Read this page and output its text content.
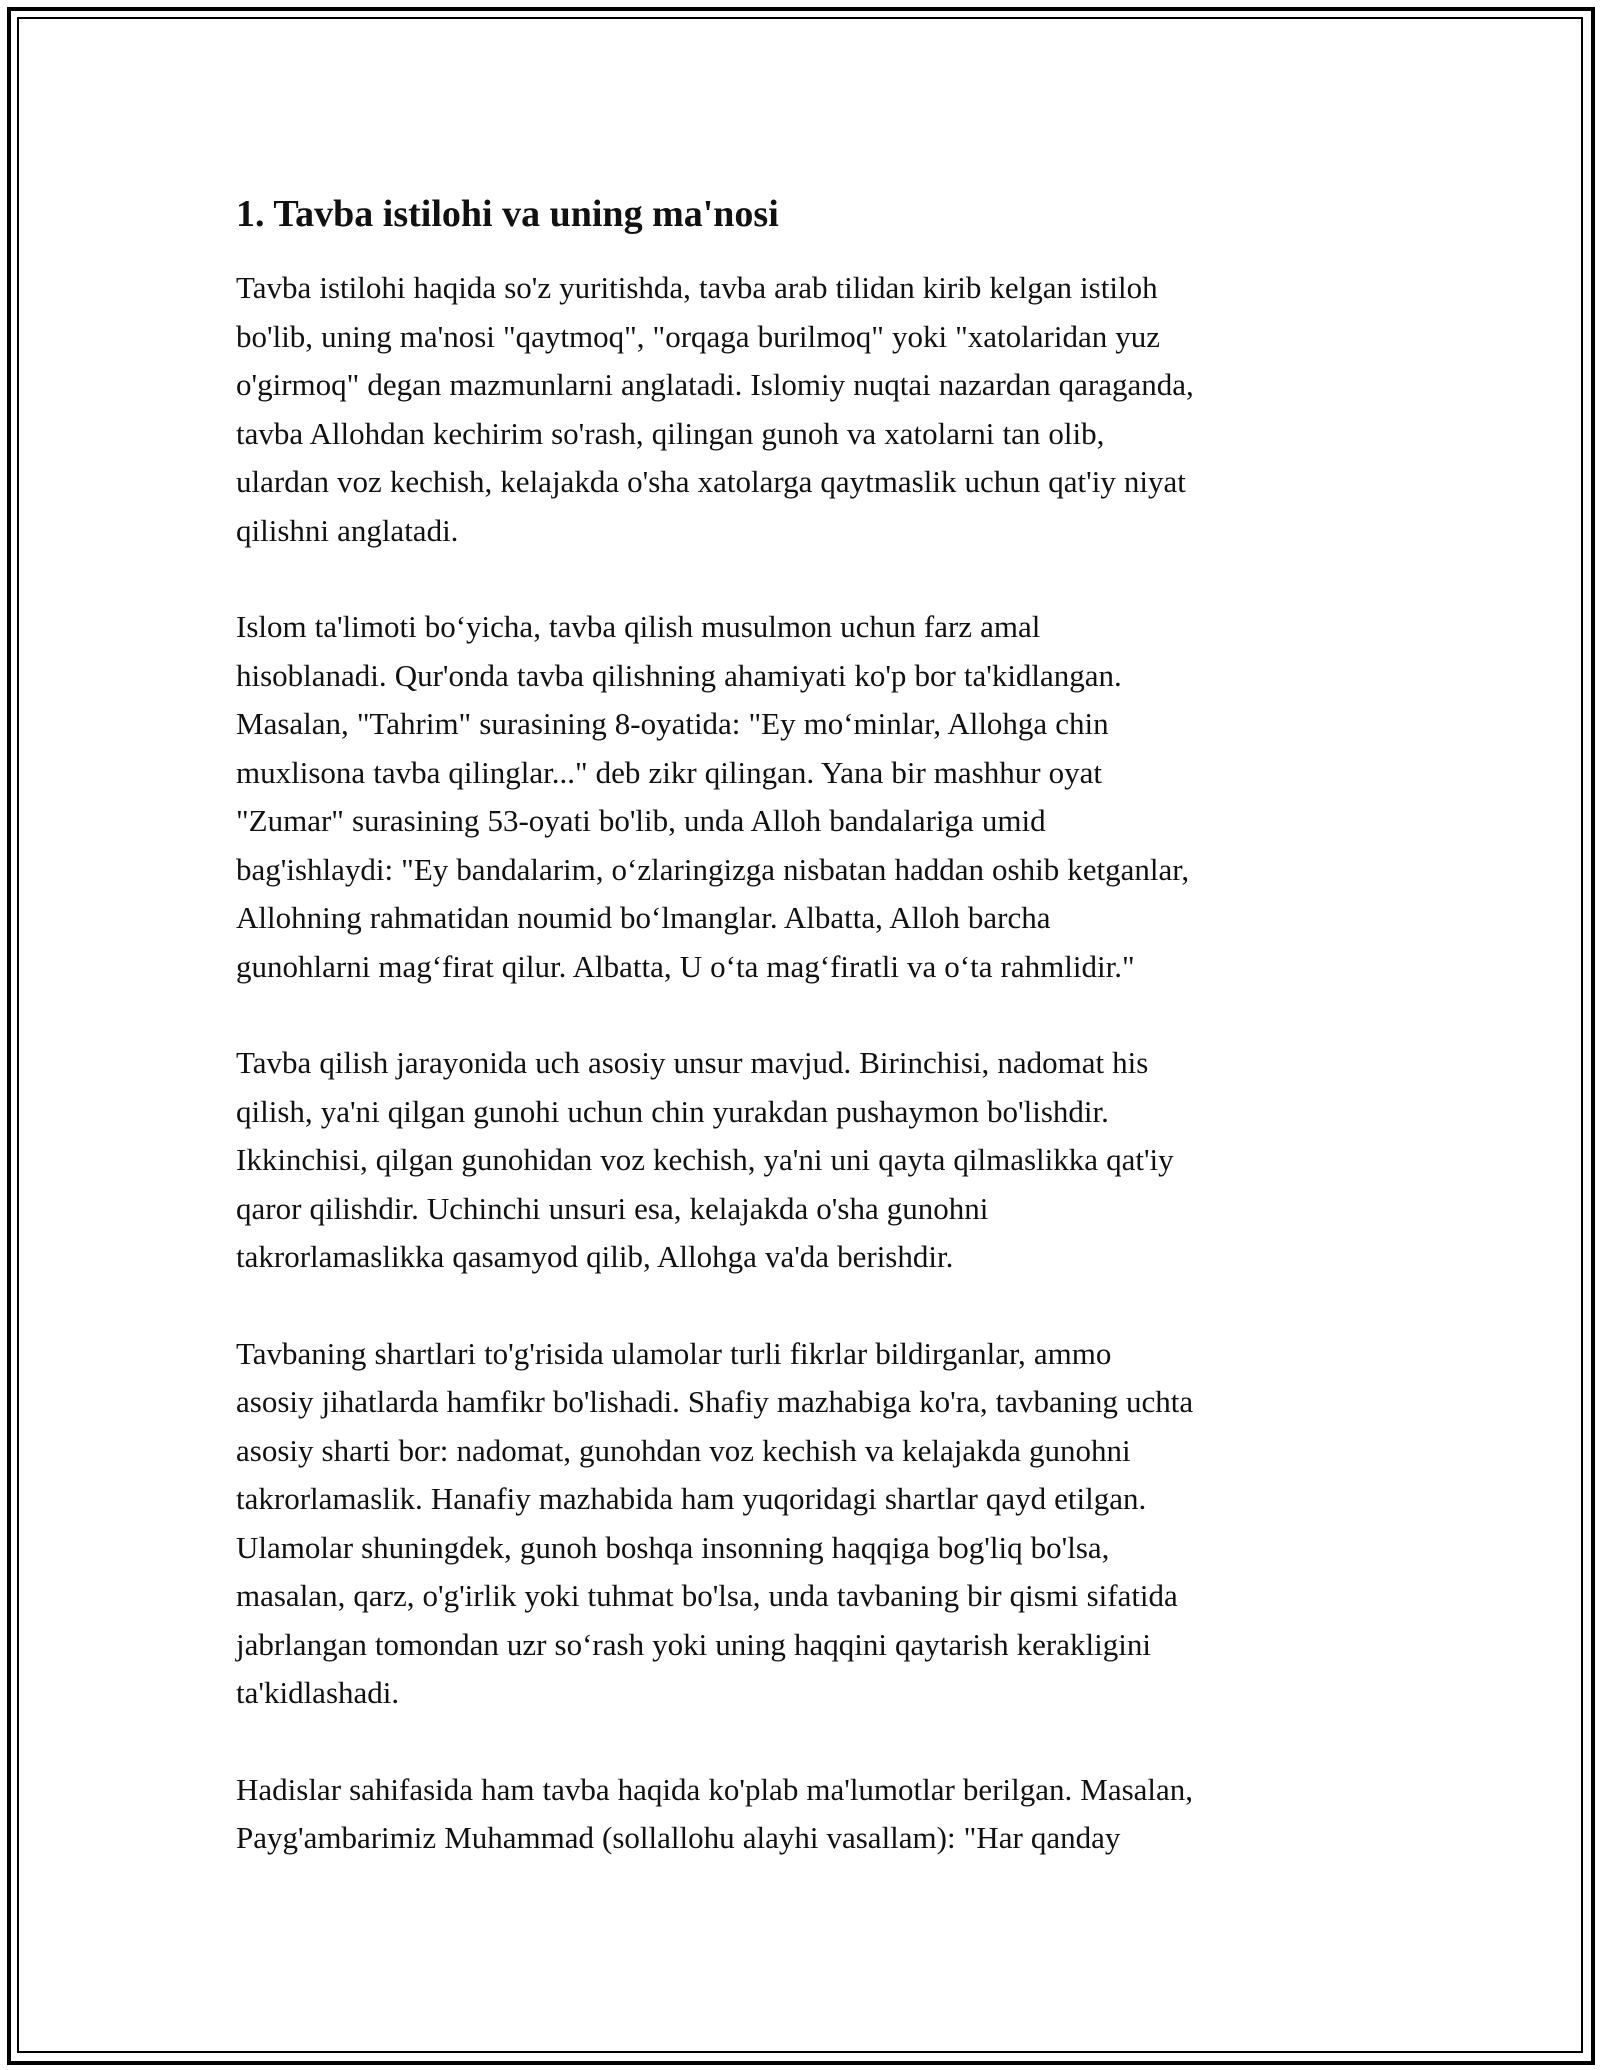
1. Tavba istilohi va uning ma'nosi

Tavba istilohi haqida so'z yuritishda, tavba arab tilidan kirib kelgan istiloh
bo'lib, uning ma'nosi "qaytmoq", "orqaga burilmoq" yoki "xatolaridan yuz
o'girmoq" degan mazmunlarni anglatadi. Islomiy nuqtai nazardan qaraganda,
tavba Allohdan kechirim so'rash, qilingan gunoh va xatolarni tan olib,
ulardan voz kechish, kelajakda o'sha xatolarga qaytmaslik uchun qat'iy niyat
qilishni anglatadi.

Islom ta'limoti bo‘yicha, tavba qilish musulmon uchun farz amal
hisoblanadi. Qur'onda tavba qilishning ahamiyati ko'p bor ta'kidlangan.
Masalan, "Tahrim" surasining 8-oyatida: "Ey mo‘minlar, Allohga chin
muxlisona tavba qilinglar..." deb zikr qilingan. Yana bir mashhur oyat
"Zumar" surasining 53-oyati bo'lib, unda Alloh bandalariga umid
bag'ishlaydi: "Ey bandalarim, o‘zlaringizga nisbatan haddan oshib ketganlar,
Allohning rahmatidan noumid bo‘lmanglar. Albatta, Alloh barcha
gunohlarni mag‘firat qilur. Albatta, U o‘ta mag‘firatli va o‘ta rahmlidir."

Tavba qilish jarayonida uch asosiy unsur mavjud. Birinchisi, nadomat his
qilish, ya'ni qilgan gunohi uchun chin yurakdan pushaymon bo'lishdir.
Ikkinchisi, qilgan gunohidan voz kechish, ya'ni uni qayta qilmaslikka qat'iy
qaror qilishdir. Uchinchi unsuri esa, kelajakda o'sha gunohni
takrorlamaslikka qasamyod qilib, Allohga va'da berishdir.

Tavbaning shartlari to'g'risida ulamolar turli fikrlar bildirganlar, ammo
asosiy jihatlarda hamfikr bo'lishadi. Shafiy mazhabiga ko'ra, tavbaning uchta
asosiy sharti bor: nadomat, gunohdan voz kechish va kelajakda gunohni
takrorlamaslik. Hanafiy mazhabida ham yuqoridagi shartlar qayd etilgan.
Ulamolar shuningdek, gunoh boshqa insonning haqqiga bog'liq bo'lsa,
masalan, qarz, o'g'irlik yoki tuhmat bo'lsa, unda tavbaning bir qismi sifatida
jabrlangan tomondan uzr so‘rash yoki uning haqqini qaytarish kerakligini
ta'kidlashadi.

Hadislar sahifasida ham tavba haqida ko'plab ma'lumotlar berilgan. Masalan,
Payg'ambarimiz Muhammad (sollallohu alayhi vasallam): "Har qanday
